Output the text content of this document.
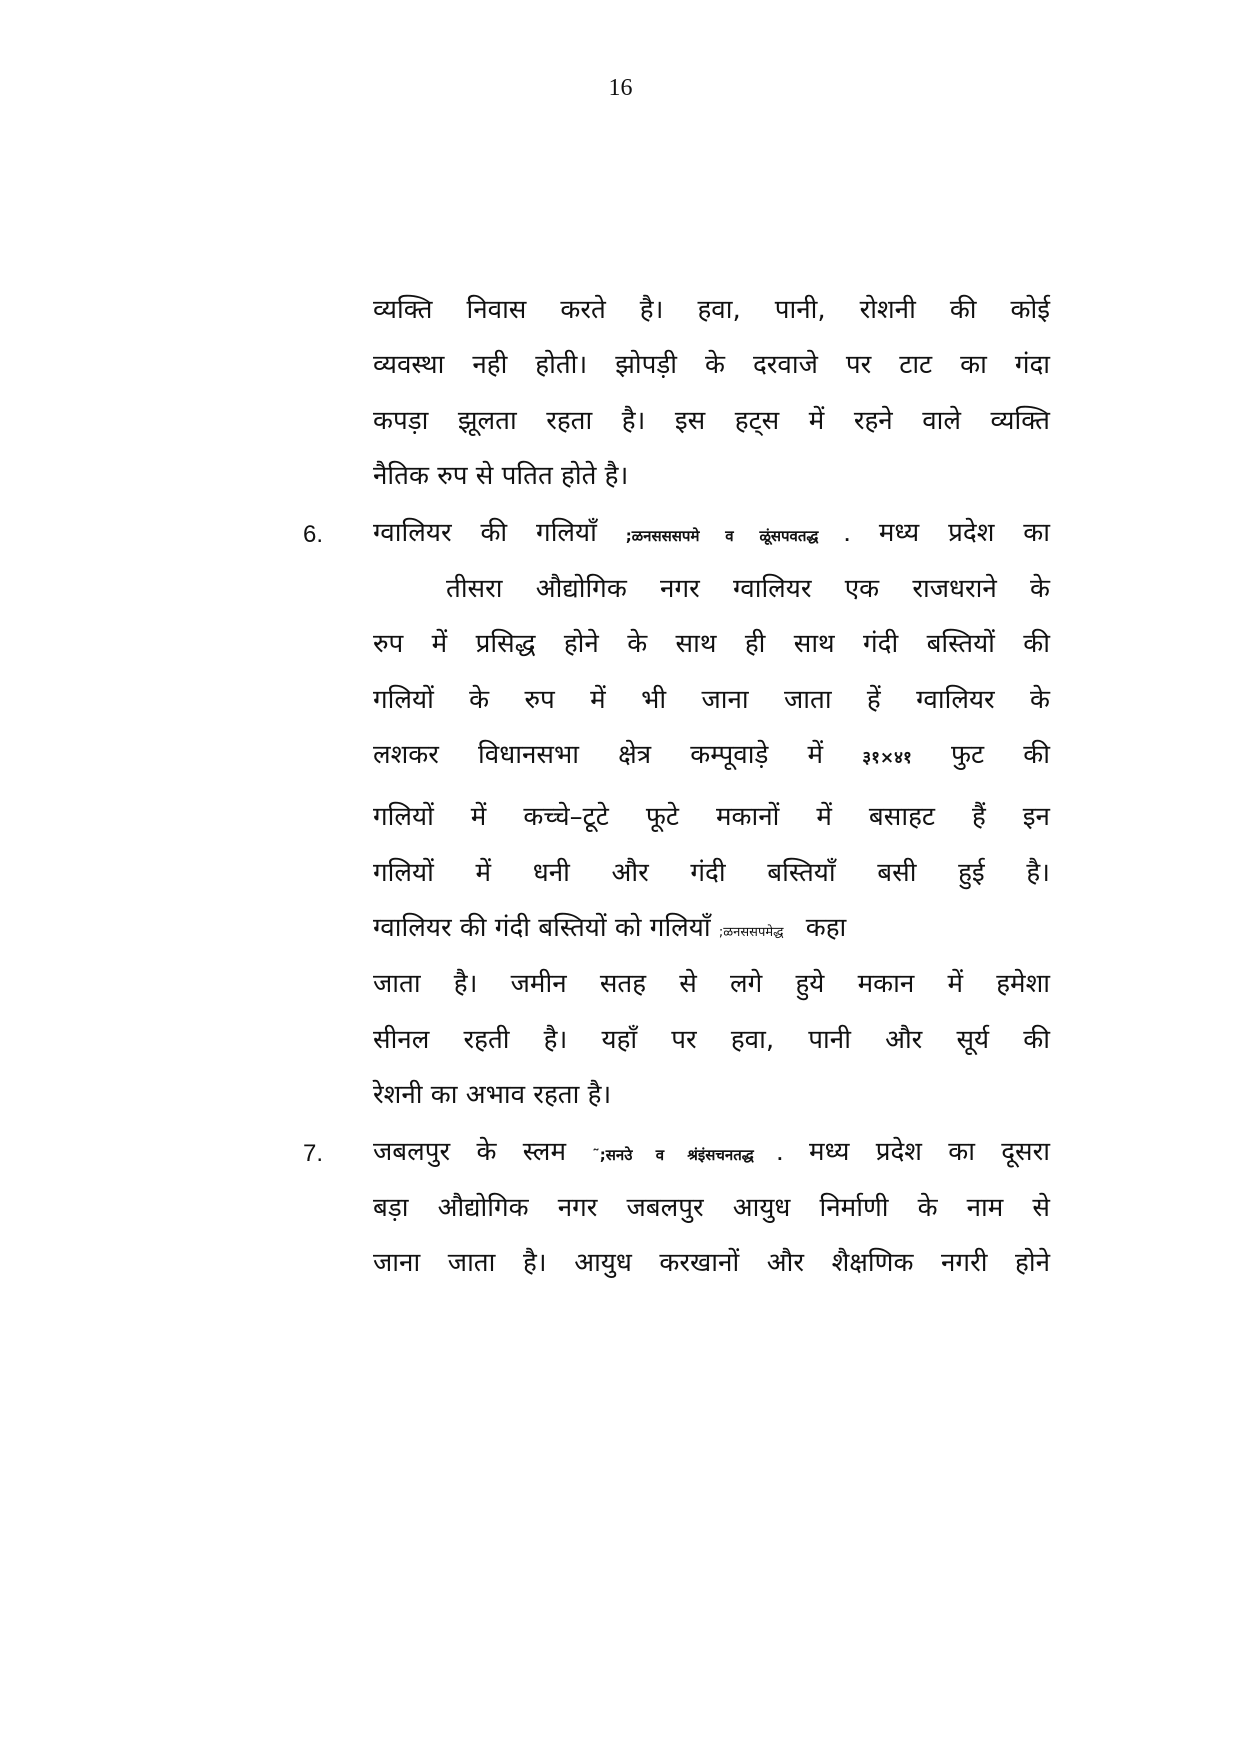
16
व्यक्ति निवास करते है। हवा, पानी, रोशनी की कोई
व्यवस्था नही होती। झोपड़ी के दरवाजे पर टाट का गंदा
कपड़ा झूलता रहता है। इस हट्स में रहने वाले व्यक्ति
नैतिक रुप से पतित होते है।
6. ग्वालियर की गलियाँ ;ळनसससपमे व ळूंसपवतद्ध . मध्य प्रदेश का
तीसरा औद्योगिक नगर ग्वालियर एक राजधराने के
रुप में प्रसिद्ध होने के साथ ही साथ गंदी बस्तियों की
गलियों के रुप में भी जाना जाता हें ग्वालियर के
लशकर विधानसभा क्षेत्र कम्पूवाड़े में ३१×४१ फुट की
गलियों में कच्चे–टूटे फूटे मकानों में बसाहट हैं इन
गलियों में धनी और गंदी बस्तियाँ बसी हुई है।
ग्वालियर की गंदी बस्तियों को गलियाँ ;ळनससपमेद्ध कहा
जाता है। जमीन सतह से लगे हुये मकान में हमेशा
सीनल रहती है। यहाँ पर हवा, पानी और सूर्य की
रेशनी का अभाव रहता है।
7. जबलपुर के स्लम ῀;सनउे व श्रंइंसचनतद्ध . मध्य प्रदेश का दूसरा
बड़ा औद्योगिक नगर जबलपुर आयुध निर्माणी के नाम से
जाना जाता है। आयुध करखानों और शैक्षणिक नगरी होने
